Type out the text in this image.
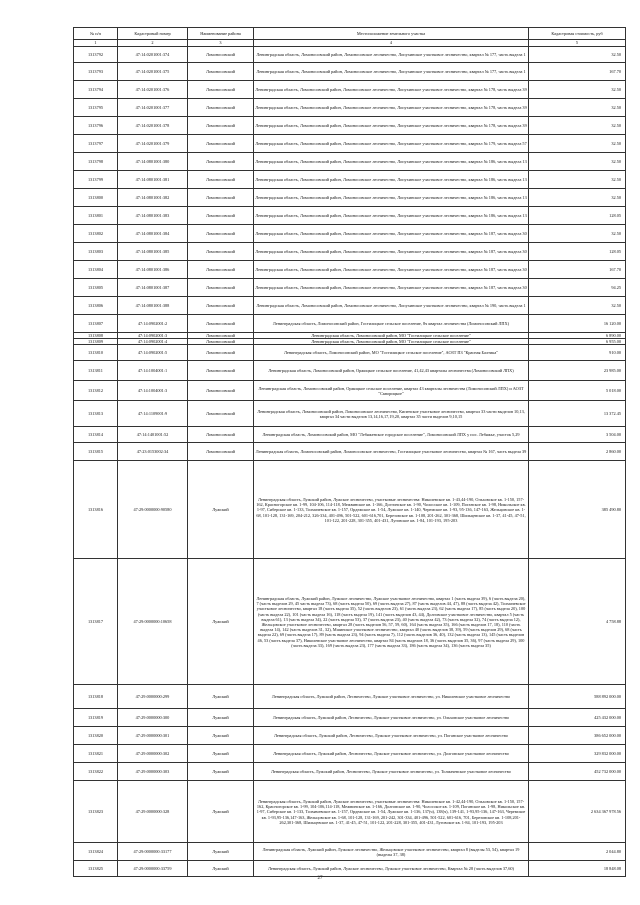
№ п/п	Кадастровый номер	Наименование района	Местоположение земельного участка	Кадастровая стоимость, руб
1	2	3	4	5
1313792	47:14:0201001:374	Ломоносовский	Ленинградская область, Ломоносовский район, Ломоносовское лесничество, Лопухинское участковое лесничество, квартал № 177, часть выдела 1	32.50
1313793	47:14:0201001:375	Ломоносовский	Ленинградская область, Ломоносовский район, Ломоносовское лесничество, Лопухинское участковое лесничество, квартал № 177, часть выдела 1	167.70
1313794	47:14:0201001:376	Ломоносовский	Ленинградская область, Ломоносовский район, Ломоносовское лесничество, Лопухинское участковое лесничество, квартал № 178, часть выдела 39	32.50
1313795	47:14:0201001:377	Ломоносовский	Ленинградская область, Ломоносовский район, Ломоносовское лесничество, Лопухинское участковое лесничество, квартал № 178, часть выдела 39	32.50
1313796	47:14:0201001:378	Ломоносовский	Ленинградская область, Ломоносовский район, Ломоносовское лесничество, Лопухинское участковое лесничество, квартал № 178, часть выдела 39	32.50
1313797	47:14:0201001:379	Ломоносовский	Ленинградская область, Ломоносовский район, Ломоносовское лесничество, Лопухинское участковое лесничество, квартал № 179, часть выдела 57	32.50
1313798	47:14:0801001:380	Ломоносовский	Ленинградская область, Ломоносовский район, Ломоносовское лесничество, Лопухинское участковое лесничество, квартал № 186, часть выдела 13	32.50
1313799	47:14:0801001:381	Ломоносовский	Ленинградская область, Ломоносовский район, Ломоносовское лесничество, Лопухинское участковое лесничество, квартал № 186, часть выдела 13	32.50
1313800	47:14:0801001:382	Ломоносовский	Ленинградская область, Ломоносовский район, Ломоносовское лесничество, Лопухинское участковое лесничество, квартал № 186, часть выдела 13	32.50
1313801	47:14:0801001:383	Ломоносовский	Ленинградская область, Ломоносовский район, Ломоносовское лесничество, Лопухинское участковое лесничество, квартал № 186, часть выдела 13	128.05
1313802	47:14:0801001:384	Ломоносовский	Ленинградская область, Ломоносовский район, Ломоносовское лесничество, Лопухинское участковое лесничество, квартал № 187, часть выдела 30	32.50
1313803	47:14:0801001:385	Ломоносовский	Ленинградская область, Ломоносовский район, Ломоносовское лесничество, Лопухинское участковое лесничество, квартал № 187, часть выдела 30	128.05
1313804	47:14:0801001:386	Ломоносовский	Ленинградская область, Ломоносовский район, Ломоносовское лесничество, Лопухинское участковое лесничество, квартал № 187, часть выдела 30	167.70
1313805	47:14:0801001:387	Ломоносовский	Ленинградская область, Ломоносовский район, Ломоносовское лесничество, Лопухинское участковое лесничество, квартал № 187, часть выдела 30	94.25
1313806	47:14:0801001:388	Ломоносовский	Ленинградская область, Ломоносовский район, Ломоносовское лесничество, Лопухинское участковое лесничество, квартал № 190, часть выдела 1	32.50
1313807	47:14:0902001:2	Ломоносовский	Ленинградская область, Ломоносовский район, Гостилицкое сельское поселение, 8ч квартал лесничества (Ломоносовский ЛПХ)	16 120.00
1313808	47:14:0902001:3	Ломоносовский	Ленинградская область, Ломоносовский район, МО "Гостилицкое сельское поселение"	6 890.00
1313809	47:14:0902001:4	Ломоносовский	Ленинградская область, Ломоносовский район, МО "Гостилицкое сельское поселение"	6 955.00
1313810	47:14:0902001:5	Ломоносовский	Ленинградская область, Ломоносовский район, МО "Гостилицкое сельское поселение", АОЗТ ПЗ "Красная Балтика"	910.00
1313811	47:14:1004001:1	Ломоносовский	Ленинградская область, Ломоносовский район, Оржицкое сельское поселение, 41,42,43 кварталы лесничества (Ломоносовский ЛПХ)	23 985.00
1313812	47:14:1004001:3	Ломоносовский	Ленинградская область, Ломоносовский район, Оржицкое сельское поселение, квартал 43 кварталы лесничества (Ломоносовский ЛПХ) и АОЗТ "Скворицкое"	5 018.00
1313813	47:14:1109001:9	Ломоносовский	Ленинградская область, Ломоносовский район, Ломоносовское лесничество, Кипенское участковое лесничество, квартал 33 части выделов 10,13, квартал 34 части выделов 13,14,16,17,19,20, квартал 35 части выделов 9,10,15	13 372.45
1313814	47:14:1401001:52	Ломоносовский	Ленинградская область, Ломоносовский район, МО "Лебяженское городское поселение", Ломоносовский ЛПХ у пос. Лебяжье, участок 5,29	3 504.00
1313815	47:23:0153002:34	Ломоносовский	Ленинградская область, Ломоносовский район, Ломоносовское лесничество, Гостилицкое участковое лесничество, квартал № 167, часть выдела 39	2 860.00
1313816	47:29:0000000:90580	Лужский	Ленинградская область, Лужский район, Лужское лесничество, участковые лесничества: Николевское кв. 1-43,44-190, Ольховское кв. 1-150, 157-162, Красногорское кв. 1-99, 104-106, 114-118, Межвинское кв. 1-166, Доггинское кв. 1-90, Чолосское кв. 1-109, Поганское кв. 1-98, Никольское кв. 1-97, Сиберское кв. 1-133, Толмачевское кв. 1-157, Ордежское кв. 1-54, Лужское кв. 1-140, Черемское кв. 1-93, 95-136, 147-163, Жельцовское кв. 1-68, 101-128, 131-169, 204-212, 326-334, 401-496, 501-522, 601-616,701, Березовское кв. 1-108, 201-262, 301-368, Шильцевское кв. 1-37, 41-45, 47-51, 101-122, 201-228, 301-355, 401-431, Луговское кв. 1-84, 101-193, 195-203	385 490.80
1313817	47:29:0000000:10658	Лужский	Ленинградская область, Лужский район, Лужское лесничество, Лужское участковое лесничество, квартал 1 (часть выдела 39), 6 (часть выдела 20), 7 (часть выделов 29, 45 часть выдела 73), 68 (часть выдела 50), 69 (часть выдела 27), 87 (часть выделов 44, 47), 88 (часть выдела 42), Толмачевское участковое лесничество, квартал 18 (часть выдела 35), 52 (часть выделов 23), 61 (часть выдела 23), 62 (часть выдела 17), 85 (часть выдела 20), 100 (часть выдела 22), 101 (часть выдела 16), 118 (часть выдела 19), 141 (часть выделов 43, 44), Долговское участковое лесничество, квартал 5 (часть выдела 61), 13 (часть выдела 34), 22 (часть выдела 53), 37 (часть выдела 23), 40 (часть выдела 42), 73 (часть выдела 32), 74 (часть выдела 12), Жельцовское участковое лесничество, квартал 28 (часть выделов 56, 57, 59, 60), 164 (часть выдела 35), 166 (часть выделов 17, 18), 110 (часть выдела 14), 142 (часть выделов 31, 32), Мшинское участковое лесничество, квартал 40 (часть выделов 38, 39), 59 (часть выделов 29), 68 (часть выдела 22), 69 (часть выдела 17), 89 (часть выдела 23), 94 (часть выдела 7), 112 (часть выделов 36, 40), 132 (часть выдела 13), 145 (часть выделов 46, 53 (часть выдела 37), Николевское участковое лесничество, квартал 84 (часть выделов 18, 36 (часть выделов 35, 36), 97 (часть выдела 29), 100 (часть выдела 33), 169 (часть выдела 23), 177 (часть выдела 33), 186 (часть выдела 34), 136 (часть выдела 35)	4 758.88
1313818	47:29:0000000:299	Лужский	Ленинградская область, Лужский район, Лесничество, Лужское участковое лесничество, ул. Николевское участковое лесничество	588 892 000.00
1313819	47:29:0000000:300	Лужский	Ленинградская область, Лужский район, Лесничество, Лужское участковое лесничество, ул. Ольховское участковое лесничество	425 432 000.00
1313820	47:29:0000000:301	Лужский	Ленинградская область, Лужский район, Лесничество, Лужское участковое лесничество, ул. Поганское участковое лесничество	386 652 000.00
1313821	47:29:0000000:302	Лужский	Ленинградская область, Лужский район, Лесничество, Лужское участковое лесничество, ул. Долговское участковое лесничество	329 832 000.00
1313822	47:29:0000000:303	Лужский	Ленинградская область, Лужский район, Лесничество, Лужское участковое лесничество, ул. Толмачевское участковое лесничество	452 732 000.00
1313823	47:29:0000000:328	Лужский	Ленинградская область, Лужский район, Лужское лесничество, участковые лесничества: Николевское кв. 1-42,44-190, Ольховское кв. 1-150, 157-162, Красногорское кв. 1-99, 104-106,114-118, Межвинское кв. 1-166, Долговское кв. 1-90, Чолосское кв. 1-109, Поганское кв. 1-98, Никольское кв. 1-97, Сиберское кв. 1-133, Толмачевское кв. 1-157, Ордежское кв. 1-54, Лужское кв. 1-136, 137(ч), 138(ч), 139-141, 1-93,95-136, 147-163, Черемское кв. 1-93,95-136,147-163, Жельцовское кв. 1-68, 101-128, 131-169, 201-242, 301-334, 401-496, 501-522, 601-616, 701, Березовское кв. 1-108,201-262,301-368, Шильцевское кв. 1-37, 41-45, 47-51, 101-122, 201-228, 301-355, 401-431, Луговское кв. 1-84, 101-193, 195-203	2 634 367 978.56
1313824	47:29:0000000:33177	Лужский	Ленинградская область, Лужский район, Лужское лесничество, Жельцовское участковое лесничество, квартал 8 (выделы 53, 54), квартал 19 (выделы 37, 38)	2 044.80
1313825	47:29:0000000:33759	Лужский	Ленинградская область, Лужский район, Лужское лесничество, Лужское участковое лесничество, Квартал № 28 (часть выделов 37,60)	18 848.08
27
